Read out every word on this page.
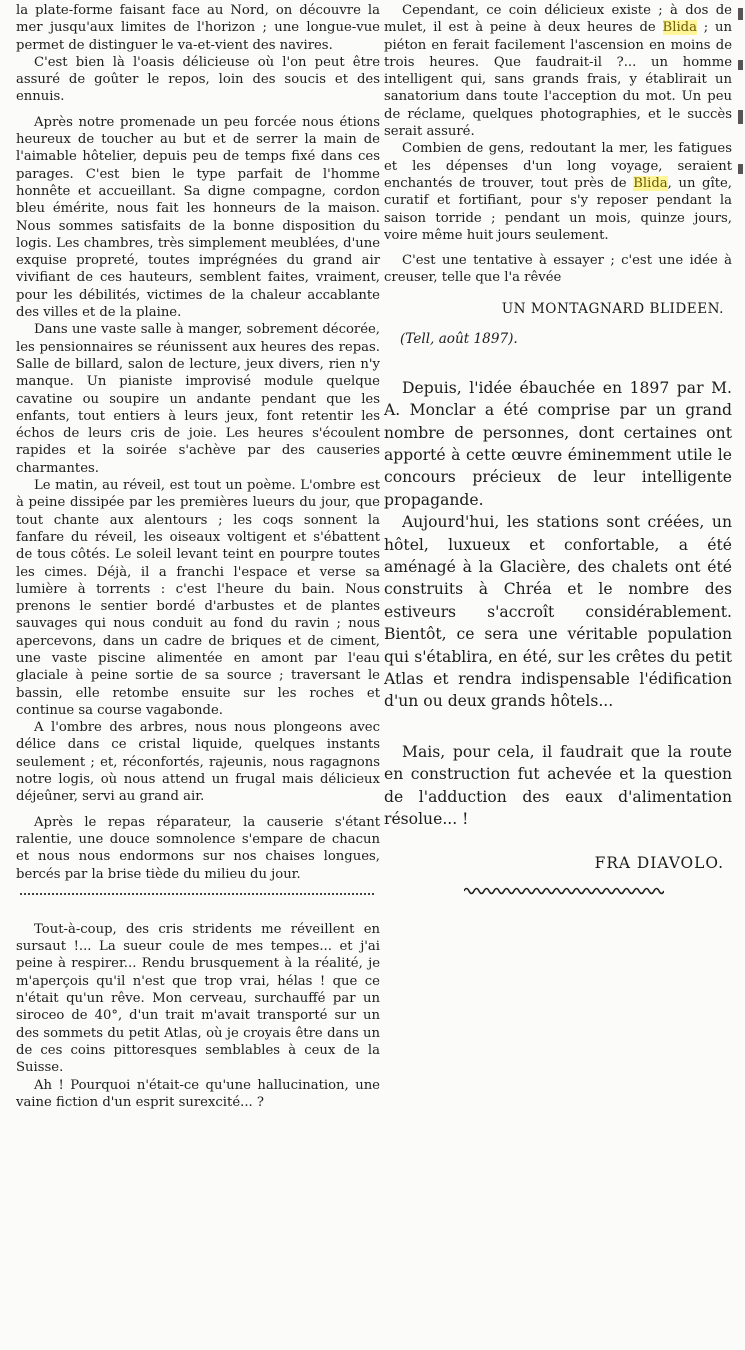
la plate-forme faisant face au Nord, on découvre la mer jusqu'aux limites de l'horizon ; une longue-vue permet de distinguer le va-et-vient des navires.

C'est bien là l'oasis délicieuse où l'on peut être assuré de goûter le repos, loin des soucis et des ennuis.

Après notre promenade un peu forcée nous étions heureux de toucher au but et de serrer la main de l'aimable hôtelier, depuis peu de temps fixé dans ces parages. C'est bien le type parfait de l'homme honnête et accueillant. Sa digne compagne, cordon bleu émérite, nous fait les honneurs de la maison. Nous sommes satisfaits de la bonne disposition du logis. Les chambres, très simplement meublées, d'une exquise propreté, toutes imprégnées du grand air vivifiant de ces hauteurs, semblent faites, vraiment, pour les débilités, victimes de la chaleur accablante des villes et de la plaine.

Dans une vaste salle à manger, sobrement décorée, les pensionnaires se réunissent aux heures des repas. Salle de billard, salon de lecture, jeux divers, rien n'y manque. Un pianiste improvisé module quelque cavatine ou soupire un andante pendant que les enfants, tout entiers à leurs jeux, font retentir les échos de leurs cris de joie. Les heures s'écoulent rapides et la soirée s'achève par des causeries charmantes.

Le matin, au réveil, est tout un poème. L'ombre est à peine dissipée par les premières lueurs du jour, que tout chante aux alentours ; les coqs sonnent la fanfare du réveil, les oiseaux voltigent et s'ébattent de tous côtés. Le soleil levant teint en pourpre toutes les cimes. Déjà, il a franchi l'espace et verse sa lumière à torrents : c'est l'heure du bain. Nous prenons le sentier bordé d'arbustes et de plantes sauvages qui nous conduit au fond du ravin ; nous apercevons, dans un cadre de briques et de ciment, une vaste piscine alimentée en amont par l'eau glaciale à peine sortie de sa source ; traversant le bassin, elle retombe ensuite sur les roches et continue sa course vagabonde.

A l'ombre des arbres, nous nous plongeons avec délice dans ce cristal liquide, quelques instants seulement ; et, réconfortés, rajeunis, nous ragagnons notre logis, où nous attend un frugal mais délicieux déjeûner, servi au grand air.

Après le repas réparateur, la causerie s'étant ralentie, une douce somnolence s'empare de chacun et nous nous endormons sur nos chaises longues, bercés par la brise tiède du milieu du jour.

Tout-à-coup, des cris stridents me réveillent en sursaut !... La sueur coule de mes tempes... et j'ai peine à respirer... Rendu brusquement à la réalité, je m'aperçois qu'il n'est que trop vrai, hélas ! que ce n'était qu'un rêve. Mon cerveau, surchauffé par un siroceo de 40°, d'un trait m'avait transporté sur un des sommets du petit Atlas, où je croyais être dans un de ces coins pittoresques semblables à ceux de la Suisse.

Ah ! Pourquoi n'était-ce qu'une hallucination, une vaine fiction d'un esprit surexcité... ?

Cependant, ce coin délicieux existe ; à dos de mulet, il est à peine à deux heures de Blida ; un piéton en ferait facilement l'ascension en moins de trois heures. Que faudrait-il ?... un homme intelligent qui, sans grands frais, y établirait un sanatorium dans toute l'acception du mot. Un peu de réclame, quelques photographies, et le succès serait assuré.

Combien de gens, redoutant la mer, les fatigues et les dépenses d'un long voyage, seraient enchantés de trouver, tout près de Blida, un gîte, curatif et fortifiant, pour s'y reposer pendant la saison torride ; pendant un mois, quinze jours, voire même huit jours seulement.

C'est une tentative à essayer ; c'est une idée à creuser, telle que l'a rêvée

UN MONTAGNARD BLIDEEN.
(Tell, août 1897).

Depuis, l'idée ébauchée en 1897 par M. A. Monclar a été comprise par un grand nombre de personnes, dont certaines ont apporté à cette œuvre éminemment utile le concours précieux de leur intelligente propagande.

Aujourd'hui, les stations sont créées, un hôtel, luxueux et confortable, a été aménagé à la Glacière, des chalets ont été construits à Chréa et le nombre des estiveurs s'accroît considérablement. Bientôt, ce sera une véritable population qui s'établira, en été, sur les crêtes du petit Atlas et rendra indispensable l'édification d'un ou deux grands hôtels...

Mais, pour cela, il faudrait que la route en construction fut achevée et la question de l'adduction des eaux d'alimentation résolue... !

FRA DIAVOLO.
